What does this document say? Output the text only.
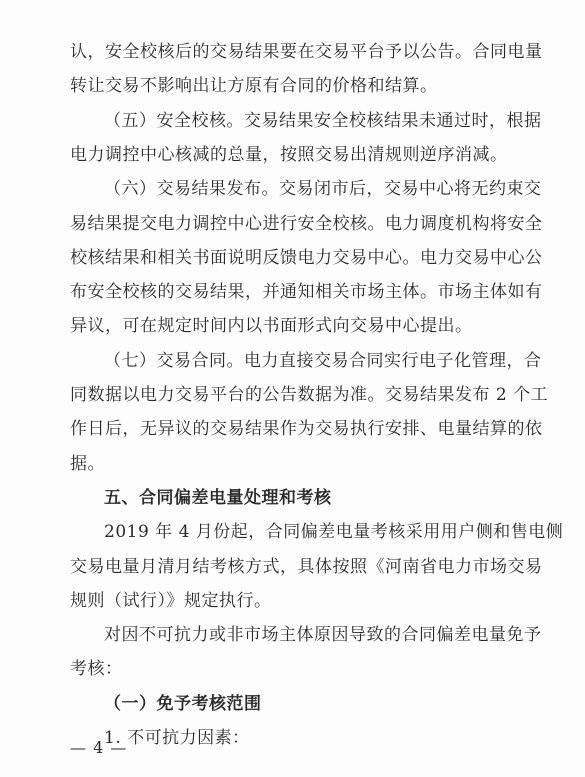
认，安全校核后的交易结果要在交易平台予以公告。合同电量
转让交易不影响出让方原有合同的价格和结算。
（五）安全校核。交易结果安全校核结果未通过时，根据
电力调控中心核减的总量，按照交易出清规则逆序消减。
（六）交易结果发布。交易闭市后，交易中心将无约束交
易结果提交电力调控中心进行安全校核。电力调度机构将安全
校核结果和相关书面说明反馈电力交易中心。电力交易中心公
布安全校核的交易结果，并通知相关市场主体。市场主体如有
异议，可在规定时间内以书面形式向交易中心提出。
（七）交易合同。电力直接交易合同实行电子化管理，合
同数据以电力交易平台的公告数据为准。交易结果发布 2 个工
作日后，无异议的交易结果作为交易执行安排、电量结算的依
据。
五、合同偏差电量处理和考核
2019 年 4 月份起，合同偏差电量考核采用用户侧和售电侧
交易电量月清月结考核方式，具体按照《河南省电力市场交易
规则（试行）》规定执行。
对因不可抗力或非市场主体原因导致的合同偏差电量免予
考核：
（一）免予考核范围
1. 不可抗力因素：
— 4 —
